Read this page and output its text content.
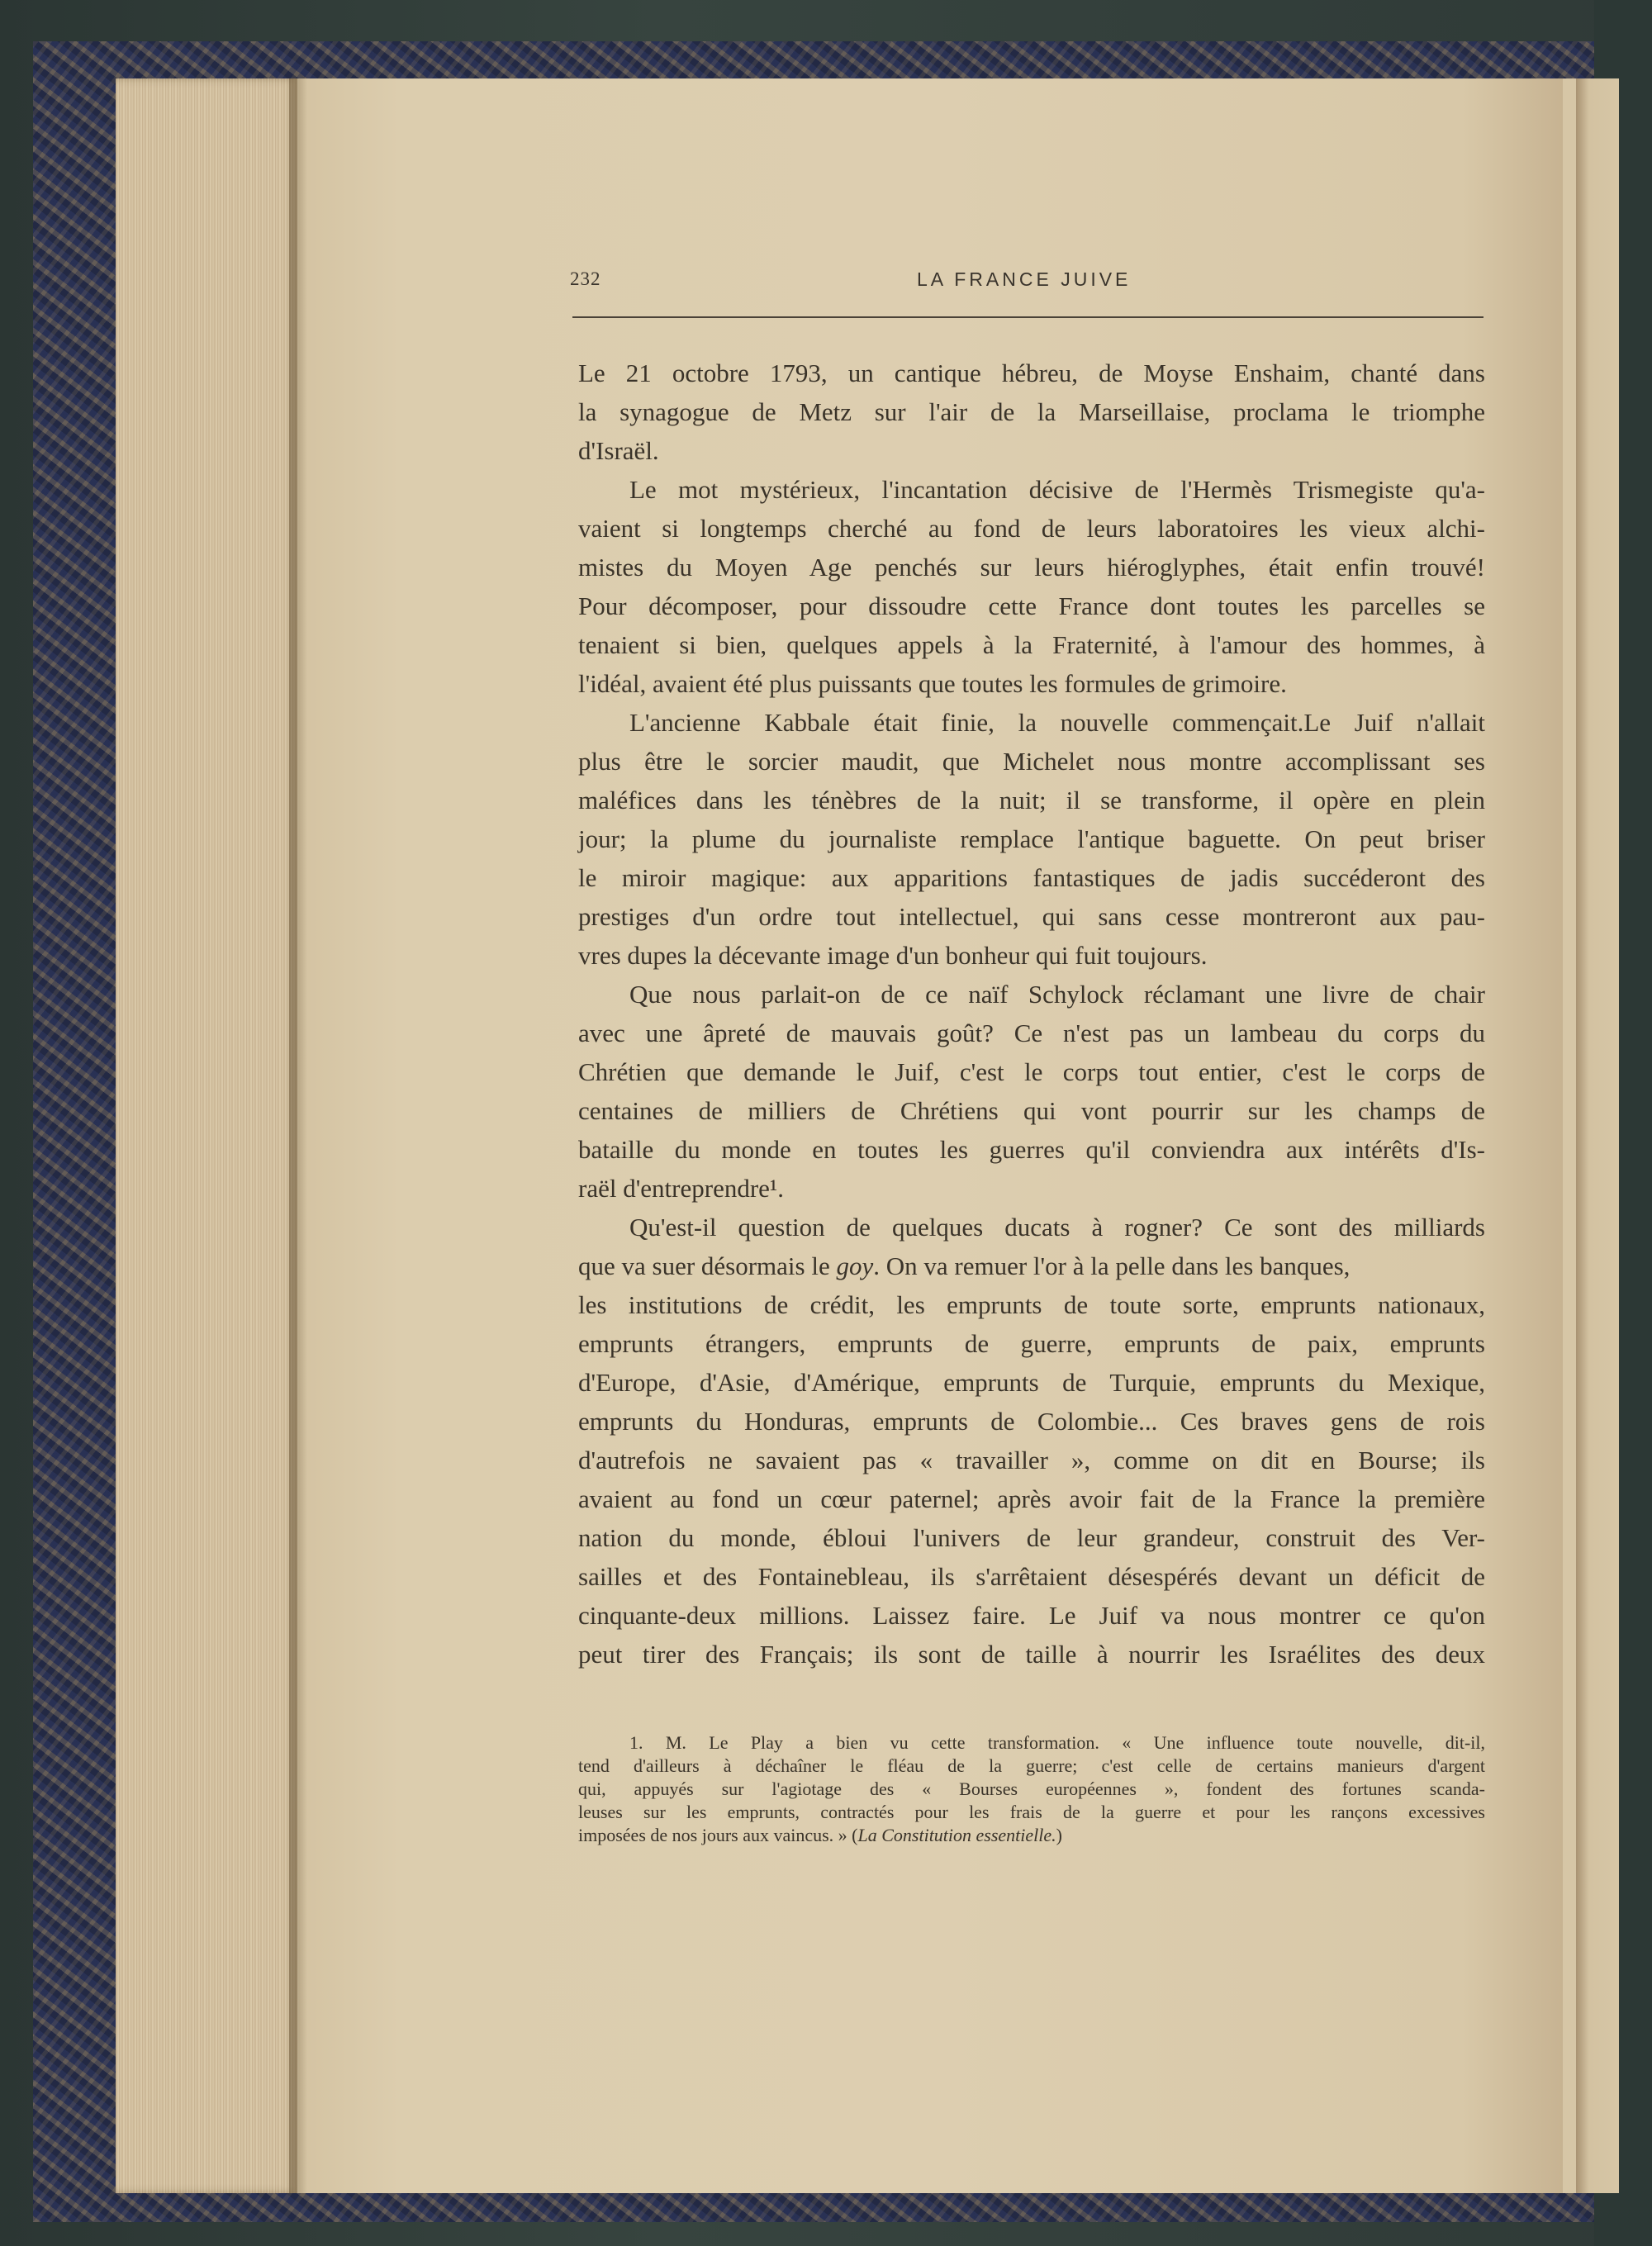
232	LA FRANCE JUIVE
Le 21 octobre 1793, un cantique hébreu, de Moyse Enshaim, chanté dans
la synagogue de Metz sur l'air de la Marseillaise, proclama le triomphe
d'Israël.
Le mot mystérieux, l'incantation décisive de l'Hermès Trismegiste qu'a-
vaient si longtemps cherché au fond de leurs laboratoires les vieux alchi-
mistes du Moyen Age penchés sur leurs hiéroglyphes, était enfin trouvé!
Pour décomposer, pour dissoudre cette France dont toutes les parcelles se
tenaient si bien, quelques appels à la Fraternité, à l'amour des hommes, à
l'idéal, avaient été plus puissants que toutes les formules de grimoire.
L'ancienne Kabbale était finie, la nouvelle commençait.Le Juif n'allait
plus être le sorcier maudit, que Michelet nous montre accomplissant ses
maléfices dans les ténèbres de la nuit; il se transforme, il opère en plein
jour; la plume du journaliste remplace l'antique baguette. On peut briser
le miroir magique: aux apparitions fantastiques de jadis succéderont des
prestiges d'un ordre tout intellectuel, qui sans cesse montreront aux pau-
vres dupes la décevante image d'un bonheur qui fuit toujours.
Que nous parlait-on de ce naïf Schylock réclamant une livre de chair
avec une âpreté de mauvais goût? Ce n'est pas un lambeau du corps du
Chrétien que demande le Juif, c'est le corps tout entier, c'est le corps de
centaines de milliers de Chrétiens qui vont pourrir sur les champs de
bataille du monde en toutes les guerres qu'il conviendra aux intérêts d'Is-
raël d'entreprendre¹.
Qu'est-il question de quelques ducats à rogner? Ce sont des milliards
que va suer désormais le goy . On va remuer l'or à la pelle dans les banques,
les institutions de crédit, les emprunts de toute sorte, emprunts nationaux,
emprunts étrangers, emprunts de guerre, emprunts de paix, emprunts
d'Europe, d'Asie, d'Amérique, emprunts de Turquie, emprunts du Mexique,
emprunts du Honduras, emprunts de Colombie... Ces braves gens de rois
d'autrefois ne savaient pas « travailler », comme on dit en Bourse; ils
avaient au fond un cœur paternel; après avoir fait de la France la première
nation du monde, ébloui l'univers de leur grandeur, construit des Ver-
sailles et des Fontainebleau, ils s'arrêtaient désespérés devant un déficit de
cinquante-deux millions. Laissez faire. Le Juif va nous montrer ce qu'on
peut tirer des Français; ils sont de taille à nourrir les Israélites des deux
1. M. Le Play a bien vu cette transformation. « Une influence toute nouvelle, dit-il,
tend d'ailleurs à déchaîner le fléau de la guerre; c'est celle de certains manieurs d'argent
qui, appuyés sur l'agiotage des « Bourses européennes », fondent des fortunes scanda-
leuses sur les emprunts, contractés pour les frais de la guerre et pour les rançons excessives
imposées de nos jours aux vaincus. » (La Constitution essentielle.)
